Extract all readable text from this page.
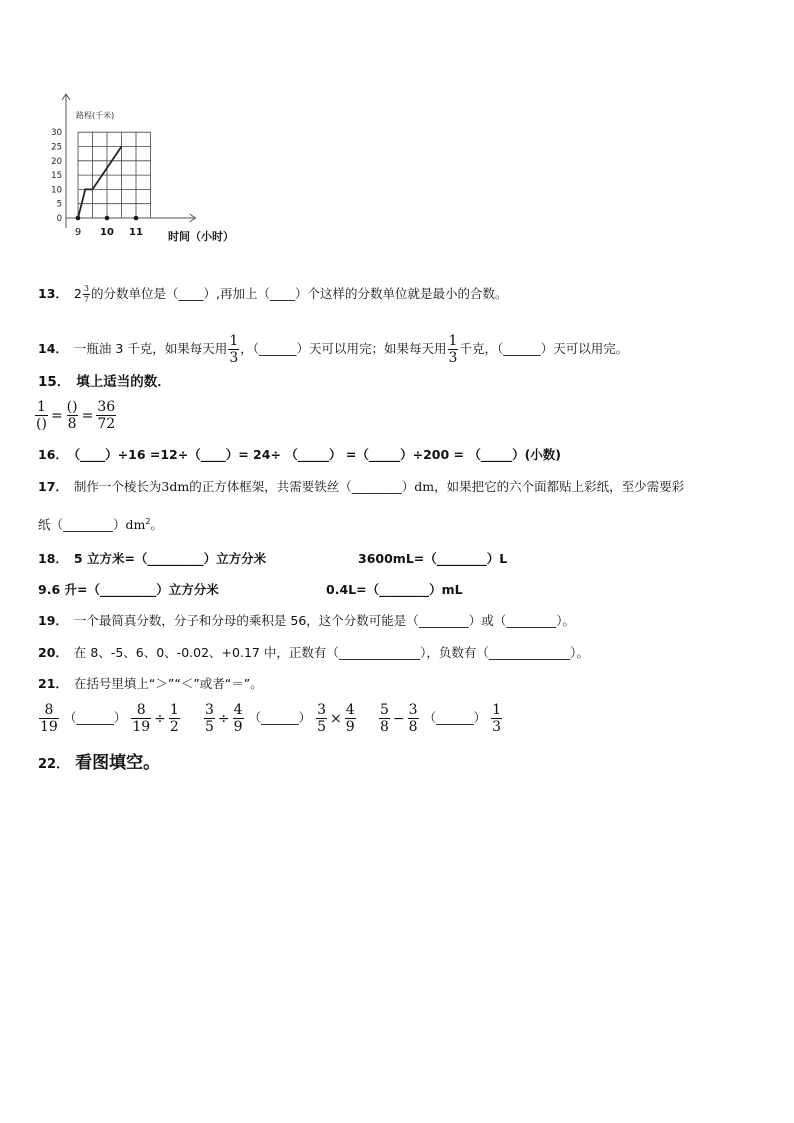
30
25
20
15
10
5
0
9 10 11
路程(千米)
时间（小时）
13． $2 \frac{3}{7}$ 的分数单位是（____）,再加上（____）个这样的分数单位就是最小的合数。
14． 一瓶油 3 千克，如果每天用 $\frac{1}{3}$ ，（______）天可以用完；如果每天用 $\frac{1}{3}$ 千克，（______）天可以用完。
15． 填上适当的数．
$\frac{1}{()} = \frac{()}{8} = \frac{36}{72}$
16． （____）÷16 =12÷（____）= 24÷ （_____） =（_____）÷200 = （_____）(小数)
17． 制作一个棱长为3dm的正方体框架，共需要铁丝（________）dm，如果把它的六个面都贴上彩纸，至少需要彩
纸$(\_\_\_\_\_\_\_\_)dm^2$。
18． 5 立方米=（_________）立方分米	3600mL=（________）L
9.6 升=（_________）立方分米	0.4L=（________）mL
19． 一个最简真分数，分子和分母的乘积是 56，这个分数可能是（________）或（________）。
20． 在 8、-5、6、0、-0.02、+0.17 中，正数有（_____________），负数有（_____________）。
21． 在括号里填上“＞”“＜”或者“＝”。
$\frac{8}{19}$ （______） $\frac{8}{19} \div \frac{1}{2} \frac{3}{5} \div \frac{4}{9}$ （______） $\frac{3}{5} \times \frac{4}{9} \frac{5}{8} - \frac{3}{8}$ （______） $\frac{1}{3}$
22． 看图填空。
